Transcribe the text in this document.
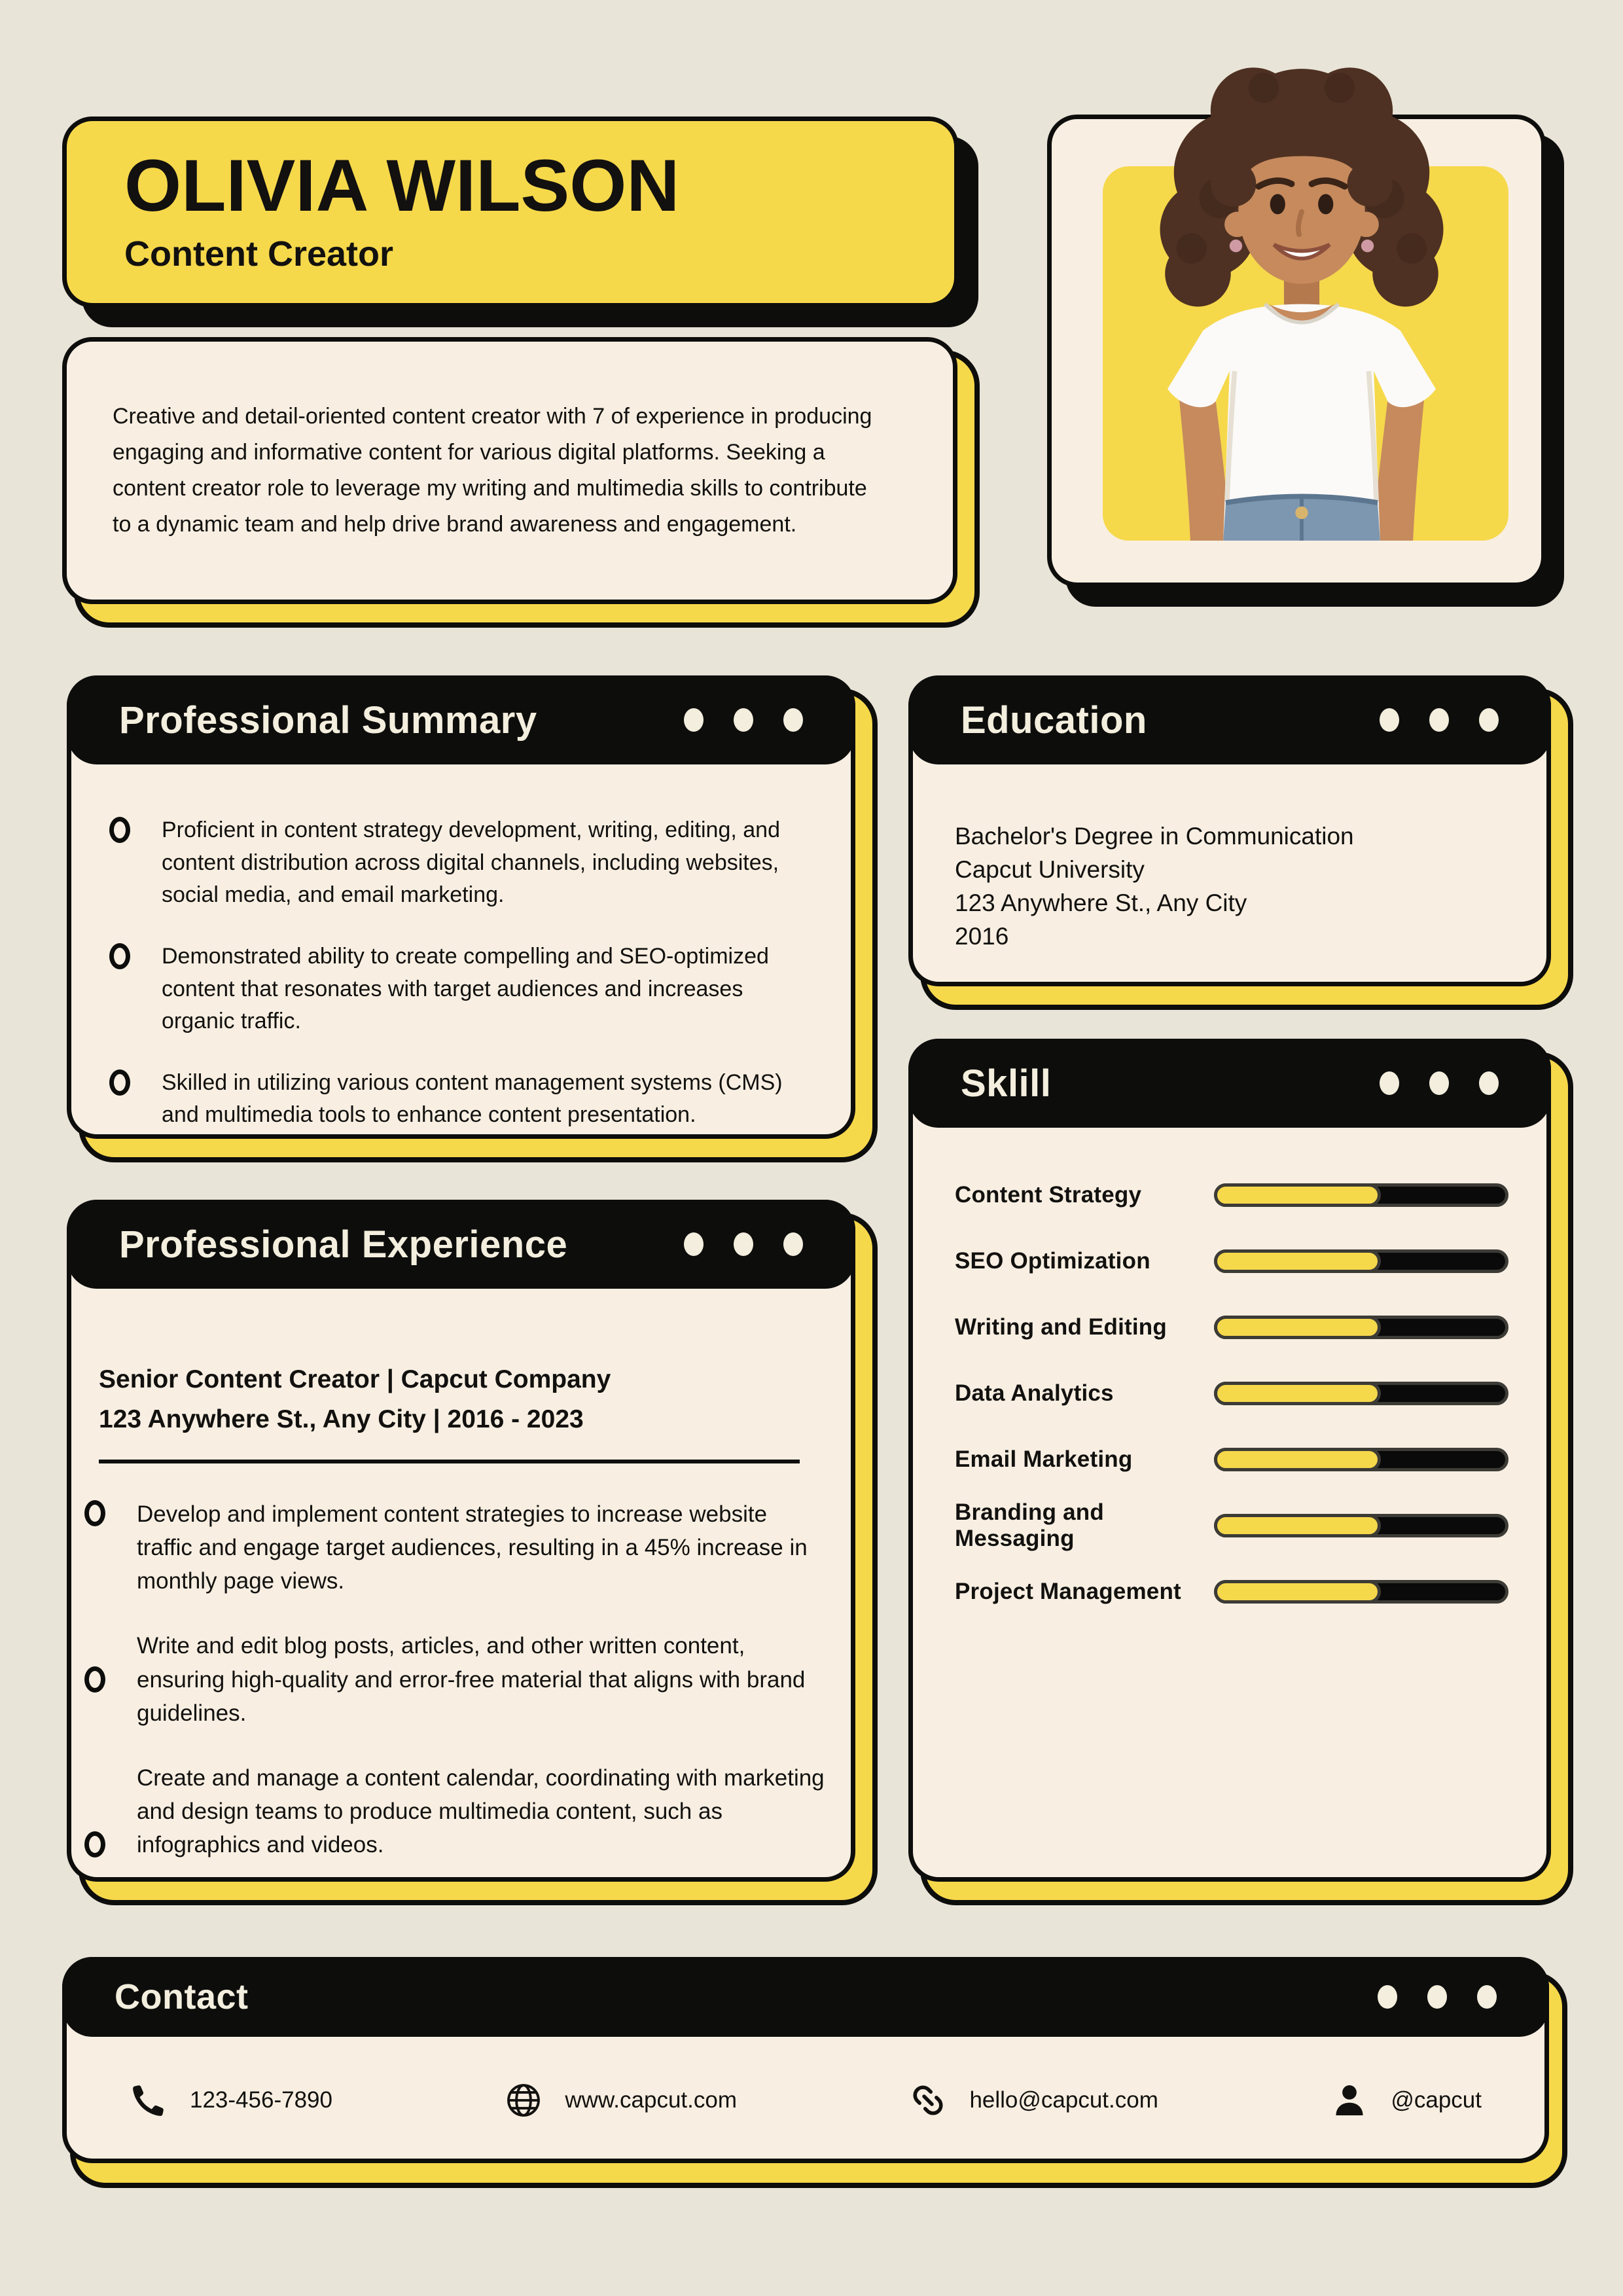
OLIVIA WILSON
Content Creator

Creative and detail-oriented content creator with 7 of experience in producing engaging and informative content for various digital platforms. Seeking a content creator role to leverage my writing and multimedia skills to contribute to a dynamic team and help drive brand awareness and engagement.

Professional Summary

Proficient in content strategy development, writing, editing, and content distribution across digital channels, including websites, social media, and email marketing.

Demonstrated ability to create compelling and SEO-optimized content that resonates with target audiences and increases organic traffic.

Skilled in utilizing various content management systems (CMS) and multimedia tools to enhance content presentation.

Professional Experience
Senior Content Creator | Capcut Company
123 Anywhere St., Any City | 2016 - 2023

Develop and implement content strategies to increase website traffic and engage target audiences, resulting in a 45% increase in monthly page views.

Write and edit blog posts, articles, and other written content, ensuring high-quality and error-free material that aligns with brand guidelines.

Create and manage a content calendar, coordinating with marketing and design teams to produce multimedia content, such as infographics and videos.

Education
Bachelor's Degree in Communication
Capcut University
123 Anywhere St., Any City
2016
Sklill
Content Strategy
SEO Optimization
Writing and Editing
Data Analytics
Email Marketing
Branding and Messaging
Project Management
Contact
123-456-7890	www.capcut.com	hello@capcut.com	@capcut
